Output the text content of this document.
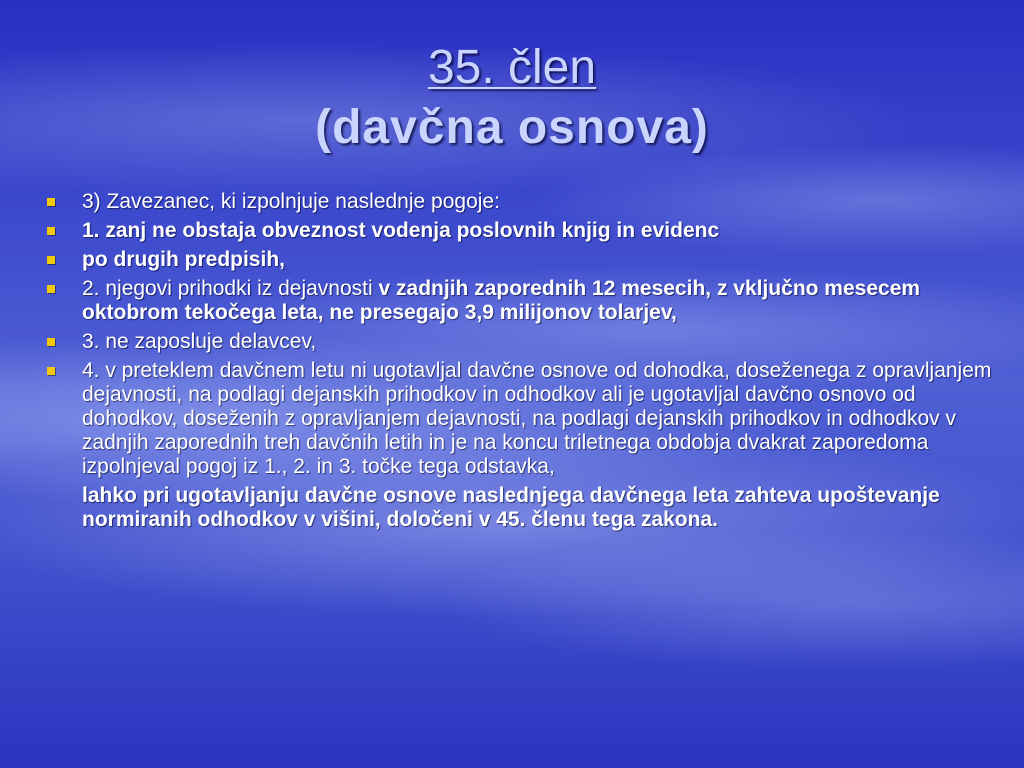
35. člen
(davčna osnova)
3) Zavezanec, ki izpolnjuje naslednje pogoje:
1. zanj ne obstaja obveznost vodenja poslovnih knjig in evidenc
po drugih predpisih,
2. njegovi prihodki iz dejavnosti v zadnjih zaporednih 12 mesecih, z vključno mesecem oktobrom tekočega leta, ne presegajo 3,9 milijonov tolarjev,
3. ne zaposluje delavcev,
4. v preteklem davčnem letu ni ugotavljal davčne osnove od dohodka, doseženega z opravljanjem dejavnosti, na podlagi dejanskih prihodkov in odhodkov ali je ugotavljal davčno osnovo od dohodkov, doseženih z opravljanjem dejavnosti, na podlagi dejanskih prihodkov in odhodkov v zadnjih zaporednih treh davčnih letih in je na koncu triletnega obdobja dvakrat zaporedoma izpolnjeval pogoj iz 1., 2. in 3. točke tega odstavka,
lahko pri ugotavljanju davčne osnove naslednjega davčnega leta zahteva upoštevanje normiranih odhodkov v višini, določeni v 45. členu tega zakona.
